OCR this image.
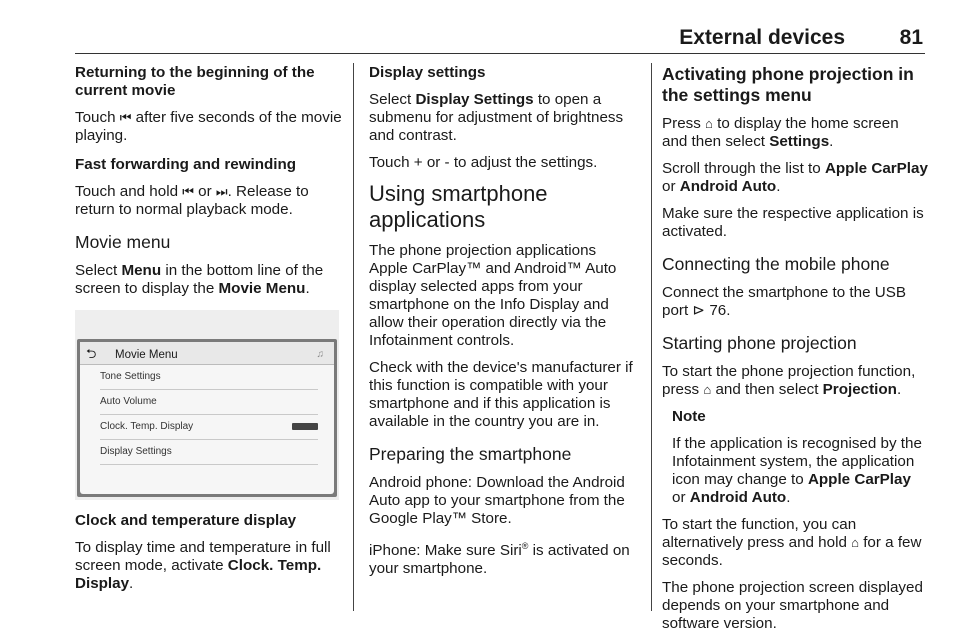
External devices	81

Returning to the beginning of the current movie

Touch ⏮ after five seconds of the movie playing.

Fast forwarding and rewinding

Touch and hold ⏮ or ⏭. Release to return to normal playback mode.

Movie menu

Select Menu in the bottom line of the screen to display the Movie Menu.

⮌ Movie Menu	♫
Tone Settings
Auto Volume
Clock. Temp. Display
Display Settings

Clock and temperature display

To display time and temperature in full screen mode, activate Clock. Temp. Display.

Display settings

Select Display Settings to open a submenu for adjustment of brightness and contrast.

Touch + or - to adjust the settings.

Using smartphone applications

The phone projection applications Apple CarPlay™ and Android™ Auto display selected apps from your smartphone on the Info Display and allow their operation directly via the Infotainment controls.

Check with the device's manufacturer if this function is compatible with your smartphone and if this application is available in the country you are in.

Preparing the smartphone

Android phone: Download the Android Auto app to your smartphone from the Google Play™ Store.

iPhone: Make sure Siri® is activated on your smartphone.

Activating phone projection in the settings menu

Press ⌂ to display the home screen and then select Settings.

Scroll through the list to Apple CarPlay or Android Auto.

Make sure the respective application is activated.

Connecting the mobile phone

Connect the smartphone to the USB port ⊳ 76.

Starting phone projection

To start the phone projection function, press ⌂ and then select Projection.

Note

If the application is recognised by the Infotainment system, the application icon may change to Apple CarPlay or Android Auto.

To start the function, you can alternatively press and hold ⌂ for a few seconds.

The phone projection screen displayed depends on your smartphone and software version.
